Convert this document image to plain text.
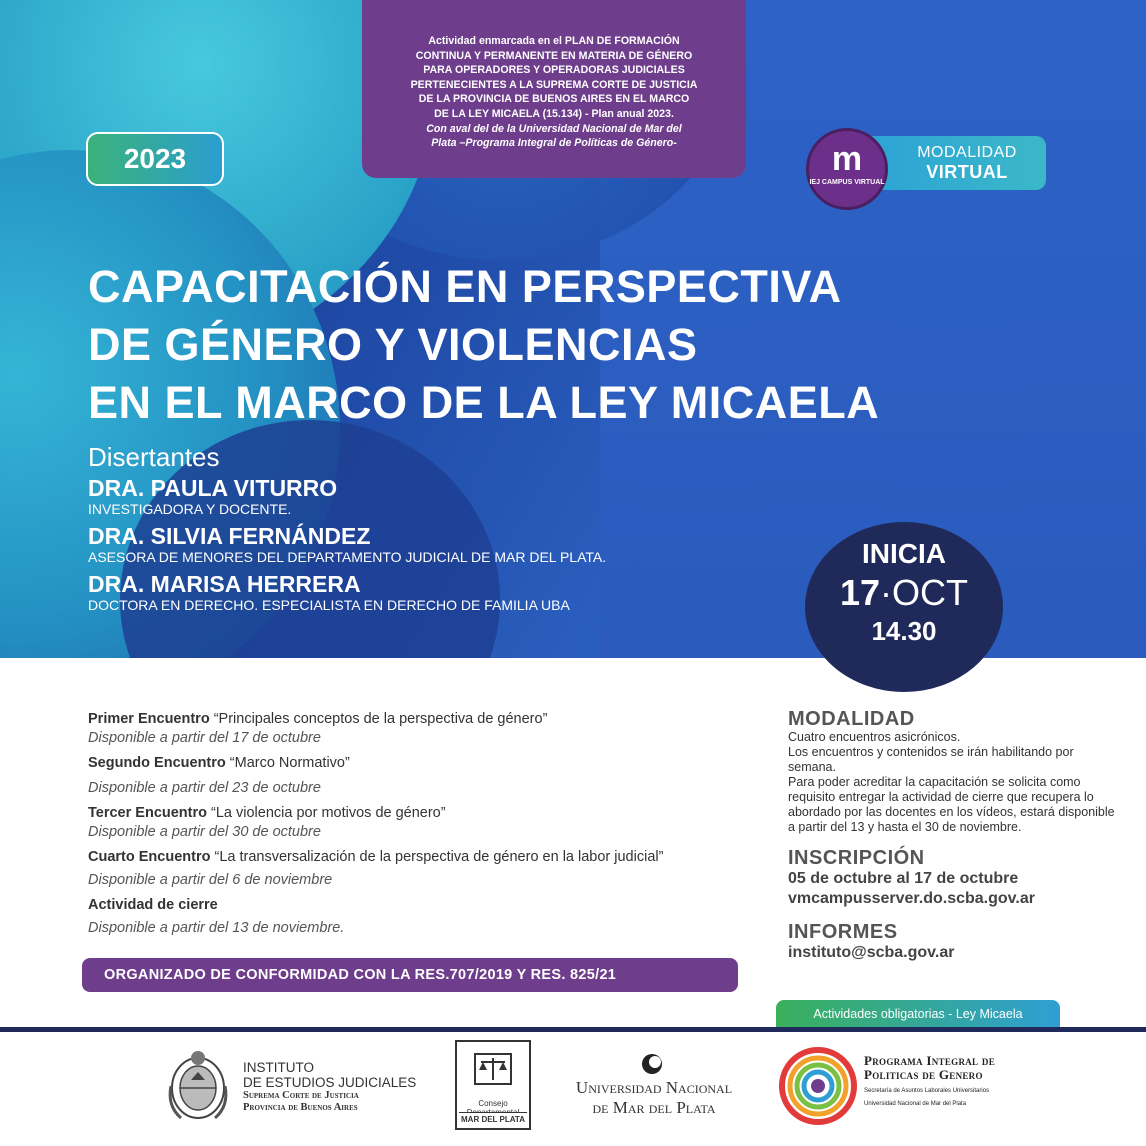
2023
Actividad enmarcada en el PLAN DE FORMACIÓN
CONTINUA Y PERMANENTE EN MATERIA DE GÉNERO
PARA OPERADORES Y OPERADORAS JUDICIALES
PERTENECIENTES A LA SUPREMA CORTE DE JUSTICIA
DE LA PROVINCIA DE BUENOS AIRES EN EL MARCO
DE LA LEY MICAELA (15.134) - Plan anual 2023.
Con aval del de la Universidad Nacional de Mar del
Plata –Programa Integral de Políticas de Género-
MODALIDAD
VIRTUAL
m
IEJ CAMPUS VIRTUAL
CAPACITACIÓN EN PERSPECTIVA
DE GÉNERO Y VIOLENCIAS
EN EL MARCO DE LA LEY MICAELA
Disertantes
DRA. PAULA VITURRO
INVESTIGADORA Y DOCENTE.
DRA. SILVIA FERNÁNDEZ
ASESORA DE MENORES DEL DEPARTAMENTO JUDICIAL DE MAR DEL PLATA.
DRA. MARISA HERRERA
DOCTORA EN DERECHO. ESPECIALISTA EN DERECHO DE FAMILIA UBA
INICIA
17·OCT
14.30
Primer Encuentro “Principales conceptos de la perspectiva de género”
Disponible a partir del 17 de octubre
Segundo Encuentro “Marco Normativo”
Disponible a partir del 23 de octubre
Tercer Encuentro “La violencia por motivos de género”
Disponible a partir del 30 de octubre
Cuarto Encuentro “La transversalización de la perspectiva de género en la labor judicial”
Disponible a partir del 6 de noviembre
Actividad de cierre
Disponible a partir del 13 de noviembre.
ORGANIZADO DE CONFORMIDAD CON LA RES.707/2019 Y RES. 825/21
MODALIDAD
Cuatro encuentros asicrónicos.
Los encuentros y contenidos se irán habilitando por semana.
Para poder acreditar la capacitación se solicita como requisito entregar la actividad de cierre que recupera lo abordado por las docentes en los vídeos, estará disponible a partir del 13 y hasta el 30 de noviembre.
INSCRIPCIÓN
05 de octubre al 17 de octubre
vmcampusserver.do.scba.gov.ar
INFORMES
instituto@scba.gov.ar
Actividades obligatorias - Ley Micaela
INSTITUTO
DE ESTUDIOS JUDICIALES
Suprema Corte de Justicia
Provincia de Buenos Aires	Consejo
MAR DEL PLATA
Universidad Nacional
de Mar del Plata
Programa Integral de
Politicas de Genero
Secretaría de Asuntos Laborales Universitarios
Universidad Nacional de Mar del Plata
